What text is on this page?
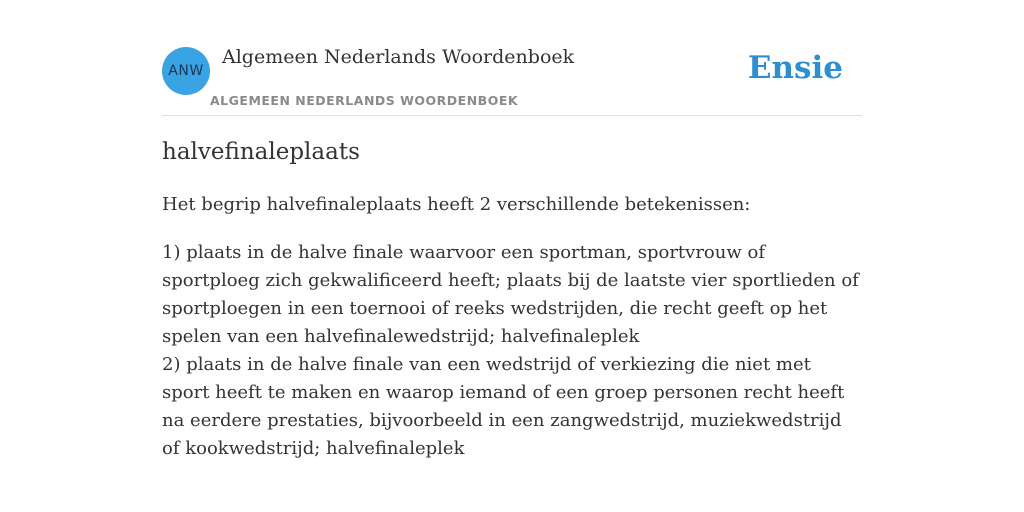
ANW
Algemeen Nederlands Woordenboek
ALGEMEEN NEDERLANDS WOORDENBOEK
Ensie
halvefinaleplaats
Het begrip halvefinaleplaats heeft 2 verschillende betekenissen:

1) plaats in de halve finale waarvoor een sportman, sportvrouw of sportploeg zich gekwalificeerd heeft; plaats bij de laatste vier sportlieden of sportploegen in een toernooi of reeks wedstrijden, die recht geeft op het spelen van een halvefinalewedstrijd; halvefinaleplek

2) plaats in de halve finale van een wedstrijd of verkiezing die niet met sport heeft te maken en waarop iemand of een groep personen recht heeft na eerdere prestaties, bijvoorbeeld in een zangwedstrijd, muziekwedstrijd of kookwedstrijd; halvefinaleplek
